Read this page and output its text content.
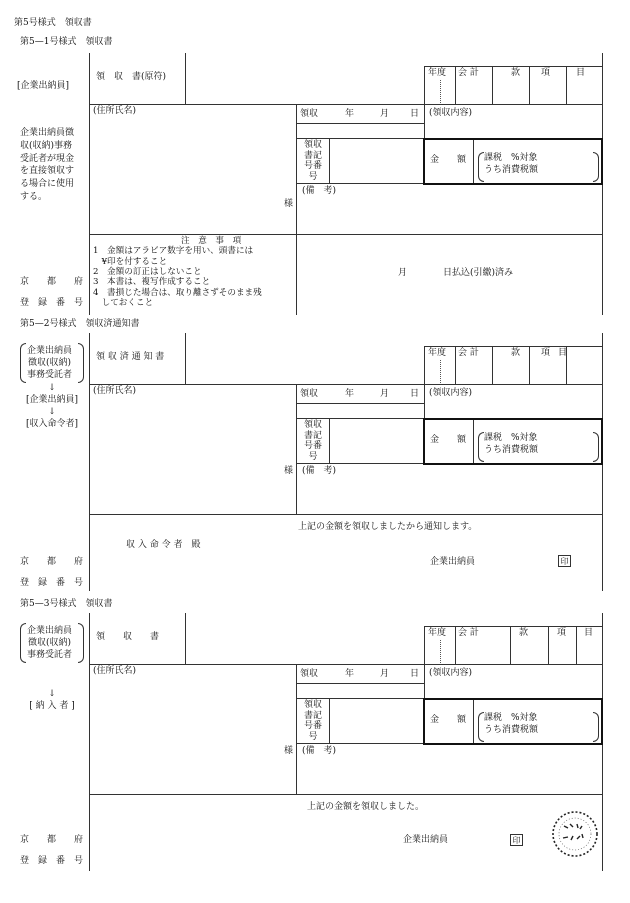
第5号様式　領収書
第5—1号様式　領収書
[企業出納員]
企業出納員徴
収(収納)事務
受託者が現金
を直接領収す
る場合に使用
する。
京　　都　　府
登　録　番　号
領　収　書(原符)	年度 会 計	款 項	目
(住所氏名)	領収	年	月 日 (領収内容)
領収
書記
号番
号
(備　考)
様
金　　額 課税　%対象
うち消費税額
注　意　事　項
1　金額はアラビア数字を用い、頭書には
　¥印を付すること
2　金額の訂正はしないこと
3　本書は、複写作成すること
4　書損じた場合は、取り離さずそのまま残
　しておくこと
月　　　　日払込(引繳)済み
第5—2号様式　領収済通知書
企業出納員
徴収(収納)
事務受託者
↓
[企業出納員]
↓
[収入命令者]
京　　都　　府
登　録　番　号
領 収 済 通 知 書	年度 会 計	款 項 目
(住所氏名)	領収	年	月 日 (領収内容)
領収
書記
号番
号
(備　考)
様
金　　額 課税　%対象
うち消費税額
上記の金額を領収しましたから通知します。
収 入 命 令 者　殿
企業出納員	印
第5—3号様式　領収書
企業出納員
徴収(収納)
事務受託者
↓
[ 納 入 者 ]
京　　都　　府
登　録　番　号
領　　収　　書	年度 会 計	款	項 目
(住所氏名)	領収	年	月 日 (領収内容)
領収
書記
号番
号
(備　考)
様
金　　額 課税　%対象
うち消費税額
上記の金額を領収しました。
企業出納員	印
